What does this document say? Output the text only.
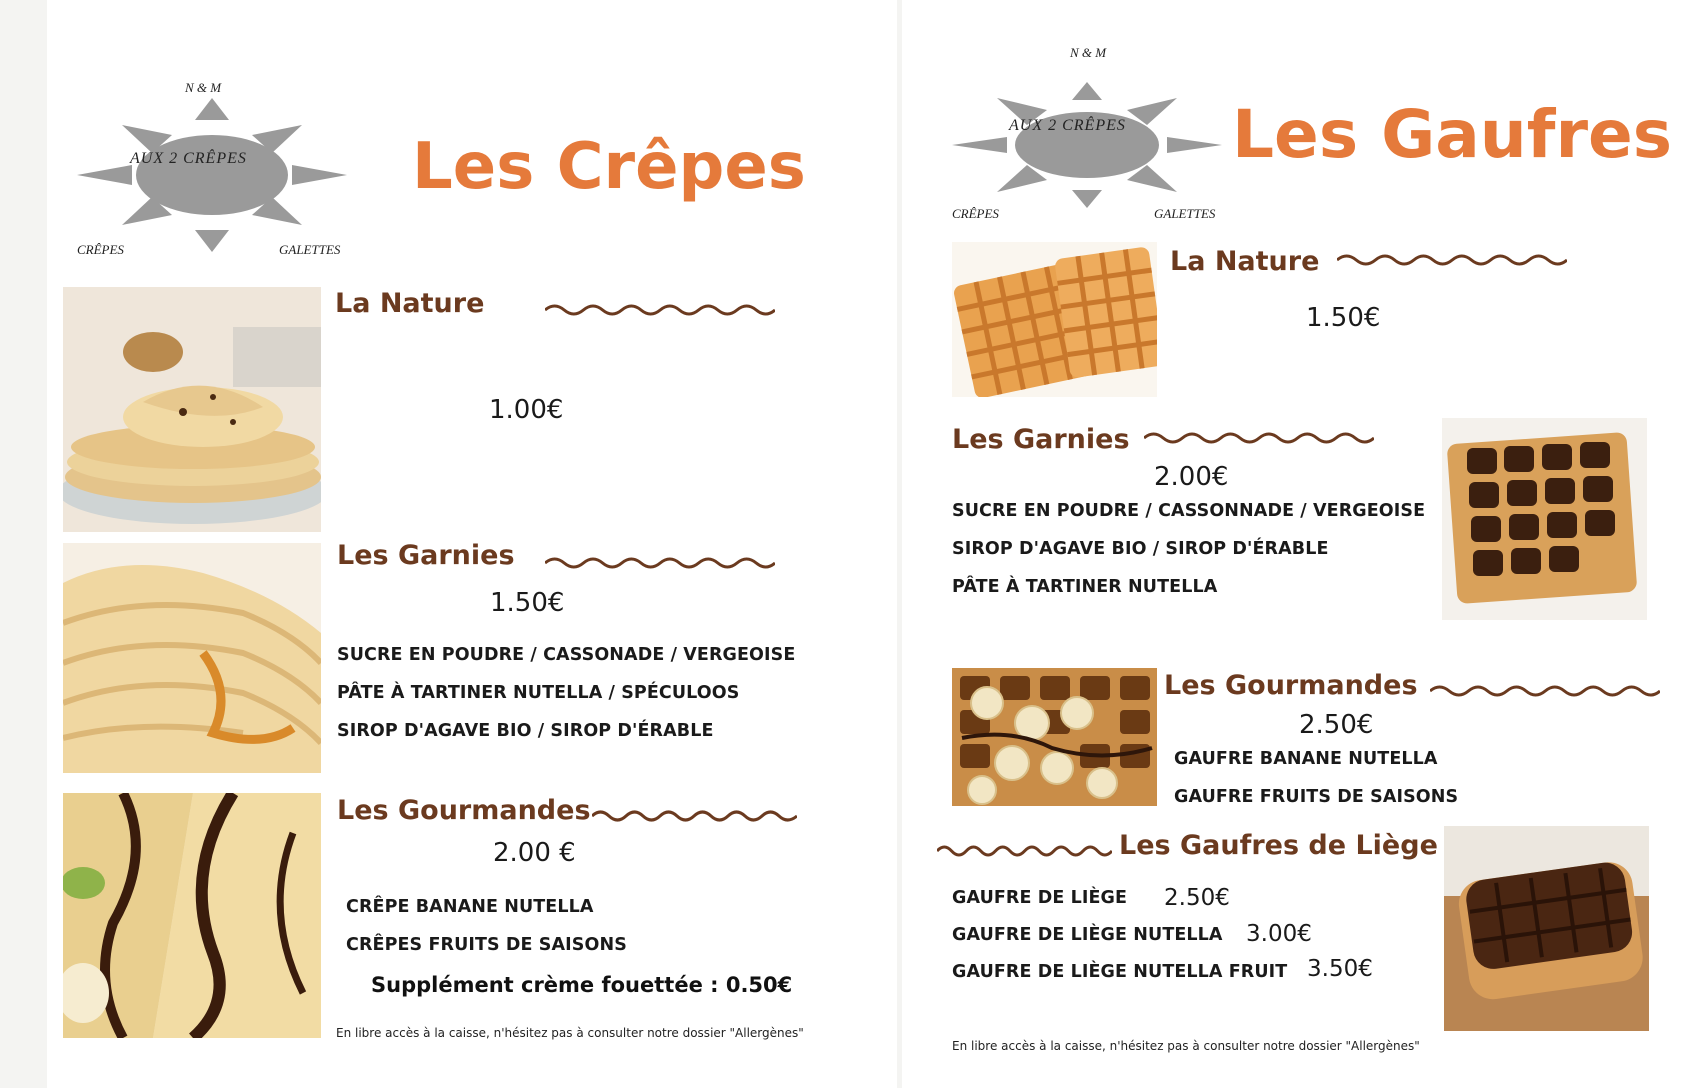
N & M
AUX 2 CRÊPES
CRÊPES	GALETTES
Les Crêpes
La Nature
1.00€
Les Garnies
1.50€
SUCRE EN POUDRE / CASSONADE / VERGEOISE
PÂTE À TARTINER NUTELLA / SPÉCULOOS
SIROP D'AGAVE BIO / SIROP D'ÉRABLE
Les Gourmandes
2.00 €
CRÊPE BANANE NUTELLA
CRÊPES FRUITS DE SAISONS
Supplément crème fouettée : 0.50€
En libre accès à la caisse, n'hésitez pas à consulter notre dossier "Allergènes"
N & M
AUX 2 CRÊPES
CRÊPES	GALETTES
Les Gaufres
La Nature
1.50€
Les Garnies
2.00€
SUCRE EN POUDRE / CASSONNADE / VERGEOISE
SIROP D'AGAVE BIO / SIROP D'ÉRABLE
PÂTE À TARTINER NUTELLA
Les Gourmandes
2.50€
GAUFRE BANANE NUTELLA
GAUFRE FRUITS DE SAISONS
Les Gaufres de Liège
GAUFRE DE LIÈGE 2.50€
GAUFRE DE LIÈGE NUTELLA 3.00€
GAUFRE DE LIÈGE NUTELLA FRUIT 3.50€
En libre accès à la caisse, n'hésitez pas à consulter notre dossier "Allergènes"
